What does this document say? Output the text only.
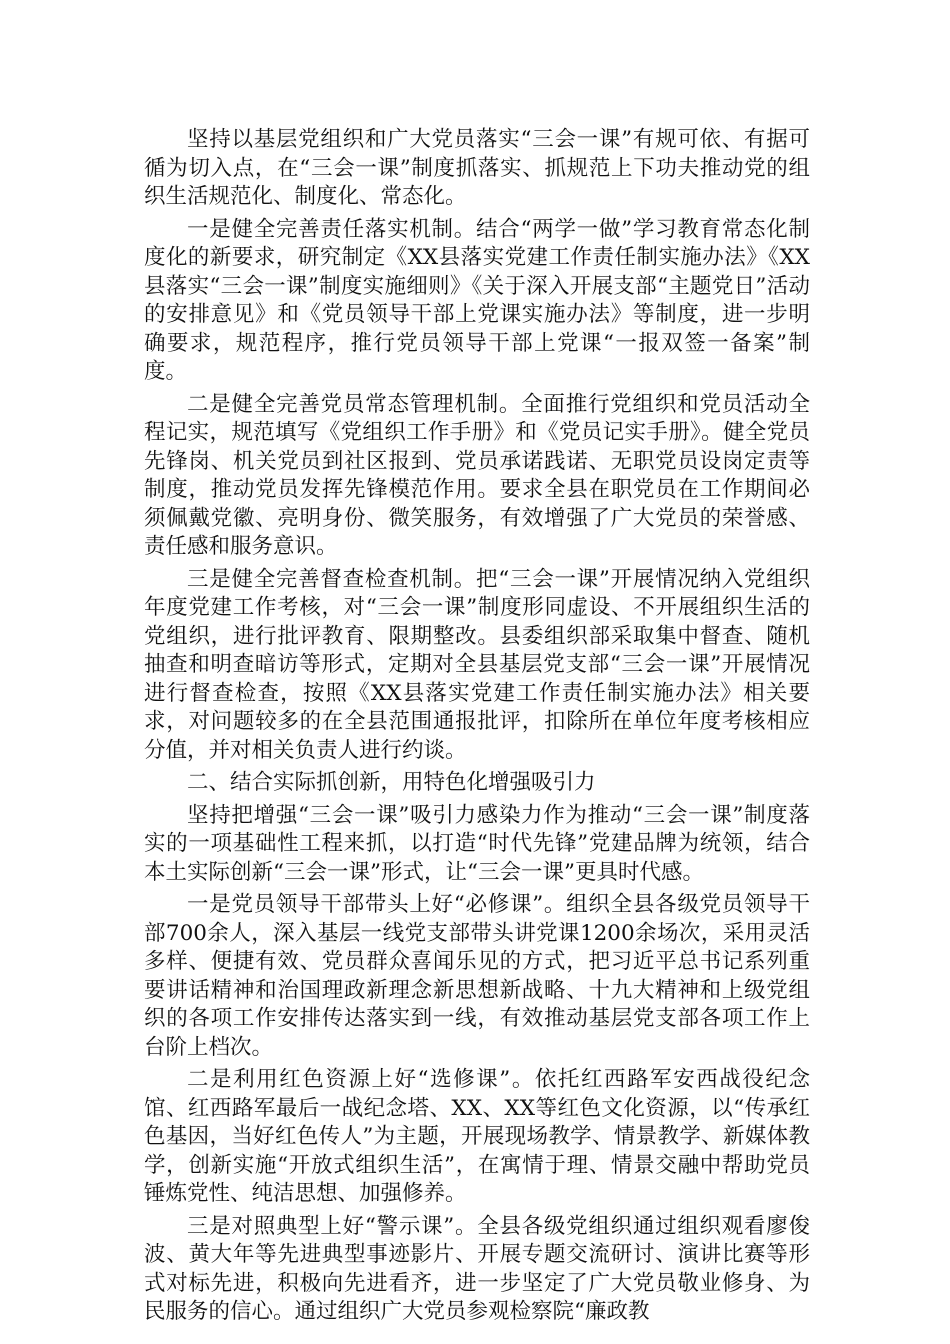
坚持以基层党组织和广大党员落实“三会一课”有规可依、有据可循为切入点，在“三会一课”制度抓落实、抓规范上下功夫推动党的组织生活规范化、制度化、常态化。

一是健全完善责任落实机制。结合“两学一做”学习教育常态化制度化的新要求，研究制定《XX县落实党建工作责任制实施办法》《XX县落实“三会一课”制度实施细则》《关于深入开展支部“主题党日”活动的安排意见》和《党员领导干部上党课实施办法》等制度，进一步明确要求，规范程序，推行党员领导干部上党课“一报双签一备案”制度。

二是健全完善党员常态管理机制。全面推行党组织和党员活动全程记实，规范填写《党组织工作手册》和《党员记实手册》。健全党员先锋岗、机关党员到社区报到、党员承诺践诺、无职党员设岗定责等制度，推动党员发挥先锋模范作用。要求全县在职党员在工作期间必须佩戴党徽、亮明身份、微笑服务，有效增强了广大党员的荣誉感、责任感和服务意识。

三是健全完善督查检查机制。把“三会一课”开展情况纳入党组织年度党建工作考核，对“三会一课”制度形同虚设、不开展组织生活的党组织，进行批评教育、限期整改。县委组织部采取集中督查、随机抽查和明查暗访等形式，定期对全县基层党支部“三会一课”开展情况进行督查检查，按照《XX县落实党建工作责任制实施办法》相关要求，对问题较多的在全县范围通报批评，扣除所在单位年度考核相应分值，并对相关负责人进行约谈。

二、结合实际抓创新，用特色化增强吸引力

坚持把增强“三会一课”吸引力感染力作为推动“三会一课”制度落实的一项基础性工程来抓，以打造“时代先锋”党建品牌为统领，结合本土实际创新“三会一课”形式，让“三会一课”更具时代感。

一是党员领导干部带头上好“必修课”。组织全县各级党员领导干部700余人，深入基层一线党支部带头讲党课1200余场次，采用灵活多样、便捷有效、党员群众喜闻乐见的方式，把习近平总书记系列重要讲话精神和治国理政新理念新思想新战略、十九大精神和上级党组织的各项工作安排传达落实到一线，有效推动基层党支部各项工作上台阶上档次。

二是利用红色资源上好“选修课”。依托红西路军安西战役纪念馆、红西路军最后一战纪念塔、XX、XX等红色文化资源，以“传承红色基因，当好红色传人”为主题，开展现场教学、情景教学、新媒体教学，创新实施“开放式组织生活”，在寓情于理、情景交融中帮助党员锤炼党性、纯洁思想、加强修养。

三是对照典型上好“警示课”。全县各级党组织通过组织观看廖俊波、黄大年等先进典型事迹影片、开展专题交流研讨、演讲比赛等形式对标先进，积极向先进看齐，进一步坚定了广大党员敬业修身、为民服务的信心。通过组织广大党员参观检察院“廉政教
